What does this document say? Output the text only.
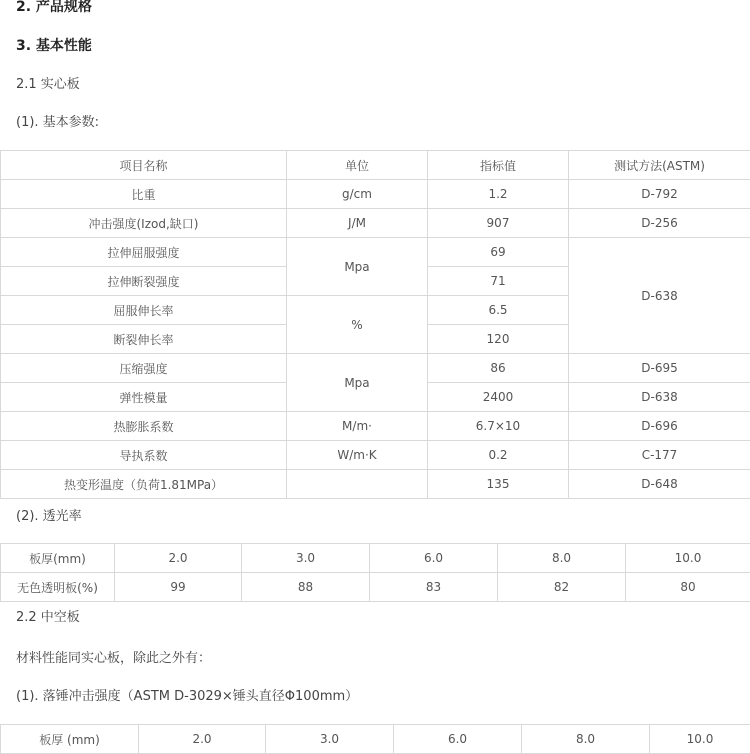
2. 产品规格
3. 基本性能
2.1 实心板
(1). 基本参数:
项目名称	单位	指标值	测试方法(ASTM)
比重	g/cm	1.2	D-792
冲击强度(Izod,缺口)	J/M	907	D-256
拉伸屈服强度	Mpa	69	D-638
拉伸断裂强度		71	
屈服伸长率	%	6.5	
断裂伸长率		120	
压缩强度	Mpa	86	D-695
弹性模量		2400	D-638
热膨胀系数	M/m·	6.7×10	D-696
导执系数	W/m·K	0.2	C-177
热变形温度（负荷1.81MPa）		135	D-648
(2). 透光率
板厚(mm)	2.0	3.0	6.0	8.0	10.0
无色透明板(%)	99	88	83	82	80
2.2 中空板
材料性能同实心板，除此之外有：
(1). 落锤冲击强度（ASTM D-3029×锤头直径Φ100mm）
板厚 (mm)	2.0	3.0	6.0	8.0	10.0
